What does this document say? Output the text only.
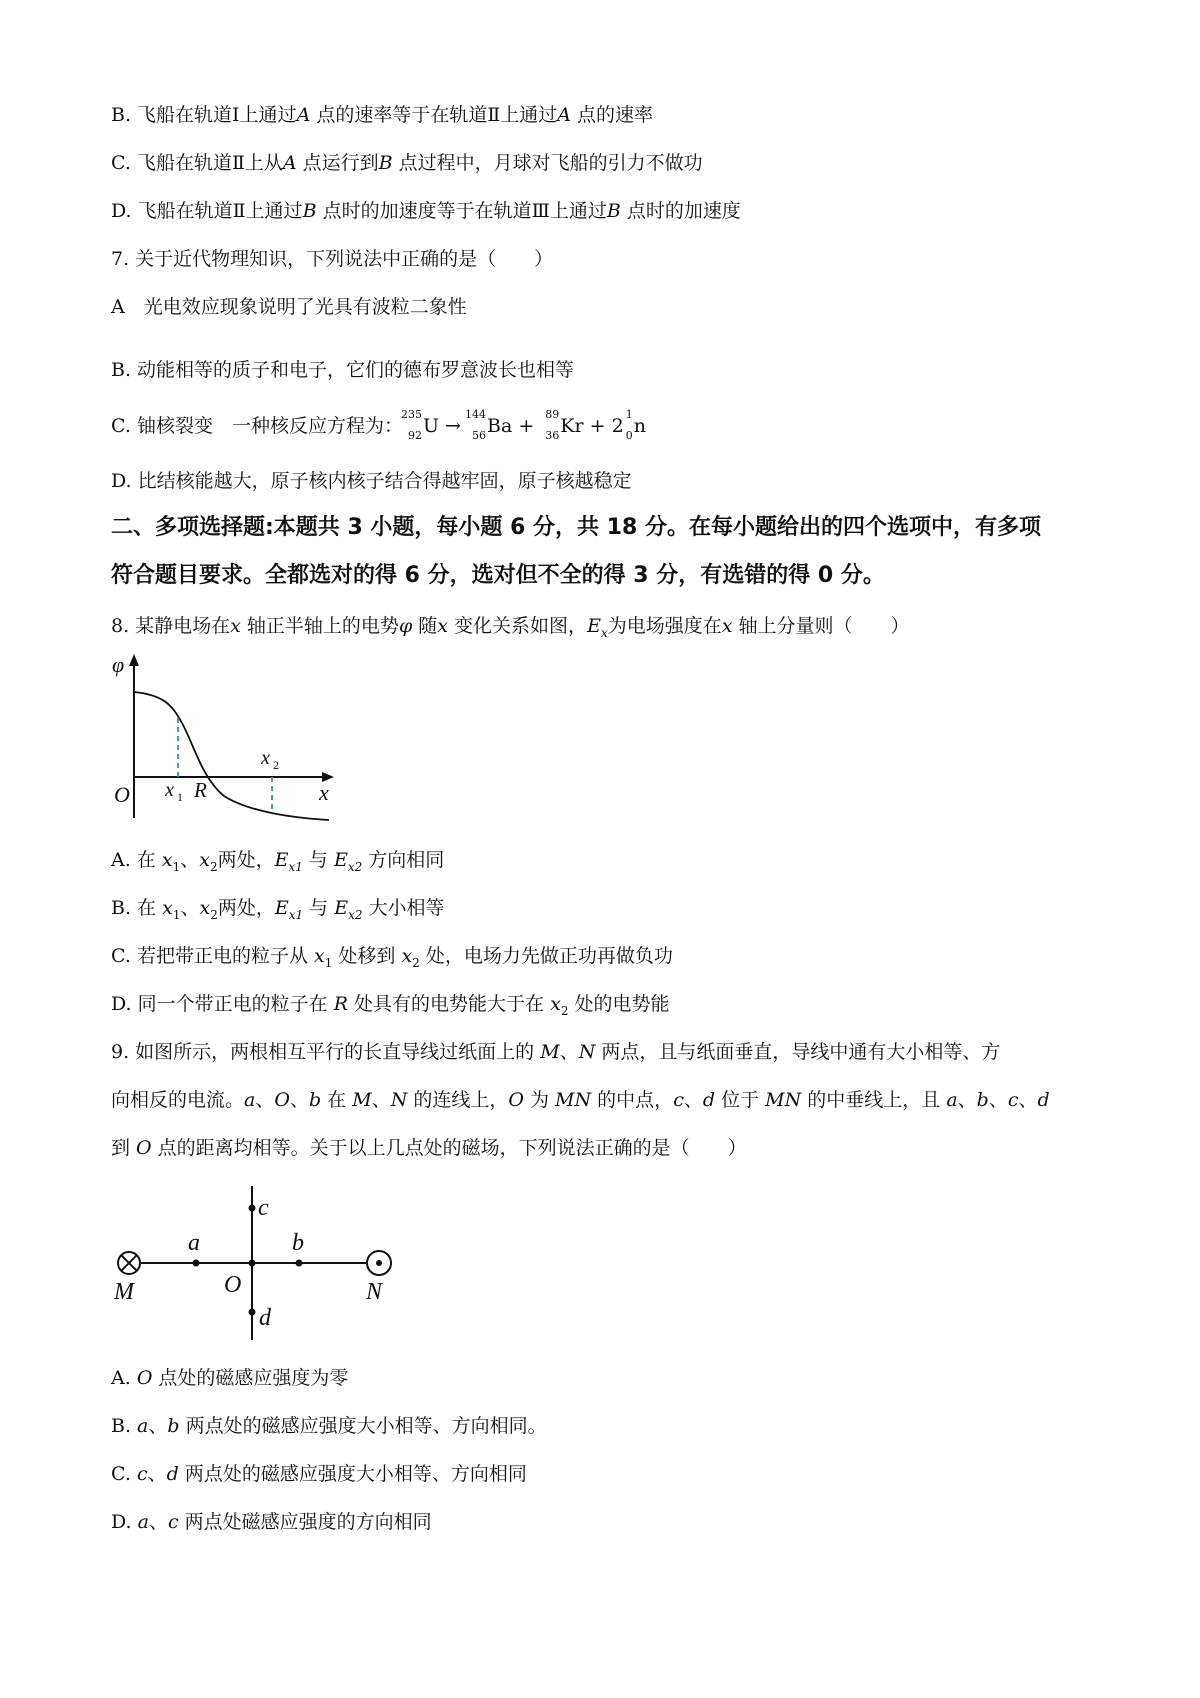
B. 飞船在轨道Ⅰ上通过A 点的速率等于在轨道Ⅱ上通过A 点的速率
C. 飞船在轨道Ⅱ上从A 点运行到B 点过程中，月球对飞船的引力不做功
D. 飞船在轨道Ⅱ上通过B 点时的加速度等于在轨道Ⅲ上通过B 点时的加速度
7. 关于近代物理知识，下列说法中正确的是（　　）
A　光电效应现象说明了光具有波粒二象性
B. 动能相等的质子和电子，它们的德布罗意波长也相等
C. 铀核裂变　一种核反应方程为：
235
92 U →
144
56 Ba +
89
36 Kr + 2
1
0 n
D. 比结核能越大，原子核内核子结合得越牢固，原子核越稳定
二、多项选择题:本题共 3 小题，每小题 6 分，共 18 分。在每小题给出的四个选项中，有多项
符合题目要求。全都选对的得 6 分，选对但不全的得 3 分，有选错的得 0 分。
8. 某静电场在x 轴正半轴上的电势φ 随x 变化关系如图，$E_x$为电场强度在x 轴上分量则（　　）
φ
O x 1 R
x 2
x
A. 在 $x_1$、$x_2$两处，$E_{x1}$ 与 $E_{x2}$ 方向相同
B. 在 $x_1$、$x_2$两处，$E_{x1}$ 与 $E_{x2}$ 大小相等
C. 若把带正电的粒子从 $x_1$ 处移到 $x_2$ 处，电场力先做正功再做负功
D. 同一个带正电的粒子在 R 处具有的电势能大于在 $x_2$ 处的电势能
9. 如图所示，两根相互平行的长直导线过纸面上的 M、N 两点，且与纸面垂直，导线中通有大小相等、方
向相反的电流。a、O、b 在 M、N 的连线上，O 为 MN 的中点，c、d 位于 MN 的中垂线上，且 a、b、c、d
到 O 点的距离均相等。关于以上几点处的磁场，下列说法正确的是（　　）
c
a	b
O
M	N
d
A. O 点处的磁感应强度为零
B. a、b 两点处的磁感应强度大小相等、方向相同。
C. c、d 两点处的磁感应强度大小相等、方向相同
D. a、c 两点处磁感应强度的方向相同
